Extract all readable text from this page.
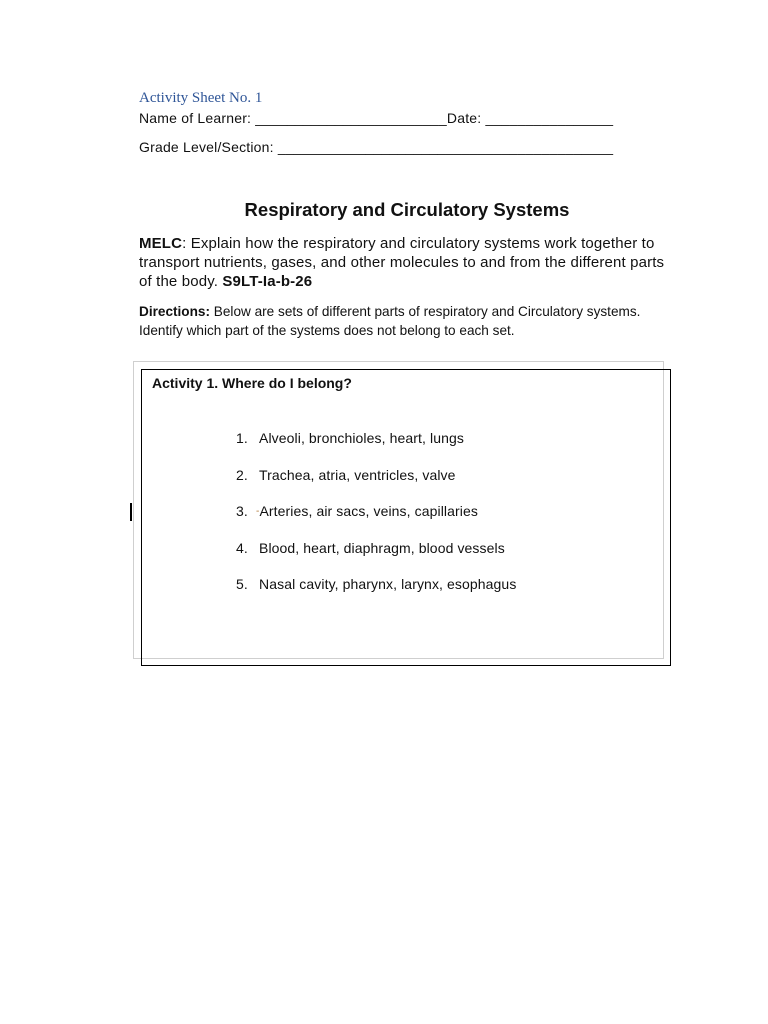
Activity Sheet No. 1
Name of Learner: ________________________Date: ________________
Grade Level/Section: __________________________________________
Respiratory and Circulatory Systems
MELC: Explain how the respiratory and circulatory systems work together to transport nutrients, gases, and other molecules to and from the different parts of the body. S9LT-Ia-b-26
Directions: Below are sets of different parts of respiratory and Circulatory systems. Identify which part of the systems does not belong to each set.
Activity 1. Where do I belong?
1. Alveoli, bronchioles, heart, lungs
2. Trachea, atria, ventricles, valve
3. -Arteries, air sacs, veins, capillaries
4. Blood, heart, diaphragm, blood vessels
5. Nasal cavity, pharynx, larynx, esophagus
